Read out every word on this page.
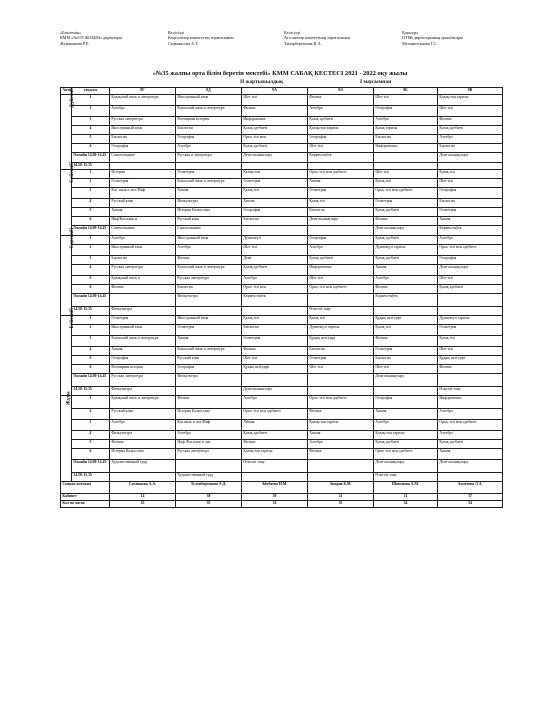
«Бекітемін»
КММ «№035 ЖОББМ» директоры
Жумаканова Р.Е.
Келісілді
Кеңесшілер комитеттің төрағасымен
Садвакасова А.Т.
Келісілді
Ата-аналар комитетінің төрағасымен
Тапирбергенова И.А.
Қаралды
ОТІЖ директорының орынбасары
Мухаметганова Г.С.
«№35 жалпы орта білім беретін мектебі» КММ САБАҚ КЕСТЕСІ 2021 - 2022 оқу жылы
ІІ жартыжылдық	І маусымнан
Апта	уақыты	8Г	8Д	9А	9Ә	9Б	9В
Дүйсенбі	1	Қазақский язык и литература	Иностранный язык	Шет тілі	Физика	Шет тілі	Қазақстан тарихы
	2	Алгебра	Казахский язык и литература	Физика	Алгебра	География	Шет тілі
	3	Русская литература	Всемирная история	Информатика	Қазақ әдебиеті	Алгебра	Физика
	4	Иностранный язык	Биология	Қазақ әдебиеті	Қазақстан тарихы	Қазақ тарихы	Қазақ әдебиеті
	5	Биология	География	Орыс тілі мен	География	Биология	Алгебра
	6	География	Алгебра	Қазақ әдебиеті	Шет тілі	Информатика	Биология
	Онлайн 14.00-14.45	Самопознание	Русская и литература	Дене шынықтыру	Көркем еңбек		Дене шынықтыру
	14.50-15.35						
Сейсенбі	1	История	Геометрия	Қазақстан	Орыс тілі мен әдебиеті	Шет тілі	Қазақ тілі
	2	Геометрия	Казахский язык и литература	Геометрия	Химия	Қазақ тілі	Шет тілі
	3	Каз. язык и лит./Инф	Химия	Қазақ тілі	Геометрия	Орыс тілі мен әдебиеті	География
	4	Русский язык	Физкультура	Химия	Қазақ тілі	Геометрия	Биология
	5	Химия	История Казахстана	География	Биология	Қазақ әдебиеті	Геометрия
	6	Инф/Каз.язык и	Русский язык	Биология	Дене шынықтыру	Физика	Химия
	Онлайн 14.00-14.45	Самопознание	Самопознание			Дене шынықтыру	Көркем еңбек
Сәрсенбі	1	Алгебра	Иностранный язык	Дүниежүзі	География	Қазақ әдебиеті	Алгебра
	2	Иностранный язык	Алгебра	Шет тілі	Алгебра	Дүниежүзі тарихы	Орыс тілі мен әдебиеті
	3	Биология	Физика	Дене	Қазақ әдебиеті	Қазақ әдебиеті	География
	4	Русская литература	Казахский язык и литература	Қазақ әдебиеті	Информатика	Химия	Дене шынықтыру
	5	Қазақский язык и	Русская литература	Алгебра	Шет тілі	Алгебра	Шет тілі
	6	Физика	Биология	Орыс тілі мен	Орыс тілі мен әдебиеті	Физика	Қазақ әдебиеті
	Онлайн 14.00-14.45		Физкультура	Көркем еңбек		Көркем еңбек	
	14.50-15.35	Физкультура			Өзін-өзі тану		
Бейсенбі	1	Геометрия	Иностранный язык	Қазақ тілі	Қазақ тілі	Құқық негіздері	Дүниежүзі тарихы
	2	Иностранный язык	Геометрия	Биология	Дүниежүзі тарихы	Қазақ тілі	Геометрия
	3	Казахский язык и литература	Химия	Геометрия	Құқық негіздері	Физика	Қазақ тілі
	4	Химия	Казахский язык и литература	Физика	Биология	Геометрия	Шет тілі
	5	География	Русский язык	Шет тілі	Геометрия	Биология	Құқық негіздері
	6	Всемирная история	География	Құқық негіздері	Шет тілі	Шет тілі	Физика
	Онлайн 14.00-14.45	Русская литература	Физкультура			Дене шынықтыру	
	14.50-15.35	Физкультура		Дене шынықтыру			Өзін-өзі тану
Жұма	1	Қазақский язык и литература	Физика	Алгебра	Орыс тілі мен әдебиеті	География	Информатика
	2	Русский язык	История Казахстана	Орыс тілі мен әдебиеті	Физика	Химия	Алгебра
	3	Алгебра	Каз.язык и лит./Инф.	Химия	Қазақстан тарихы	Алгебра	Орыс тілі мен әдебиеті
	4	Физкультура	Алгебра	Қазақ әдебиеті	Химия	Қазақстан тарихы	Алгебра
	5	Физика	Инф./Каз.язык и лит.	Физика	Алгебра	Қазақ әдебиеті	Қазақ әдебиеті
	6	История Казахстана	Русская литература	Қазақстан тарихы	Физика	Орыс тілі мен әдебиеті	Химия
	Онлайн 14.00-14.45	Художественный труд		Өзін-өзі тану		Дене шынықтыру	Дене шынықтыру
	14.50-15.35		Художественный труд			Өзін-өзі тану	
Сынып жетекші		Сагашаева А.А.	Тулепбергенова А.Д.	Айтбаева Н.М.	Акиров Б.М.	Шакенова А.М.	Ахметова Л.А.
Кабинет		14	38	30	31	21	37
Кол-во часов		35	35	34	35	34	34
